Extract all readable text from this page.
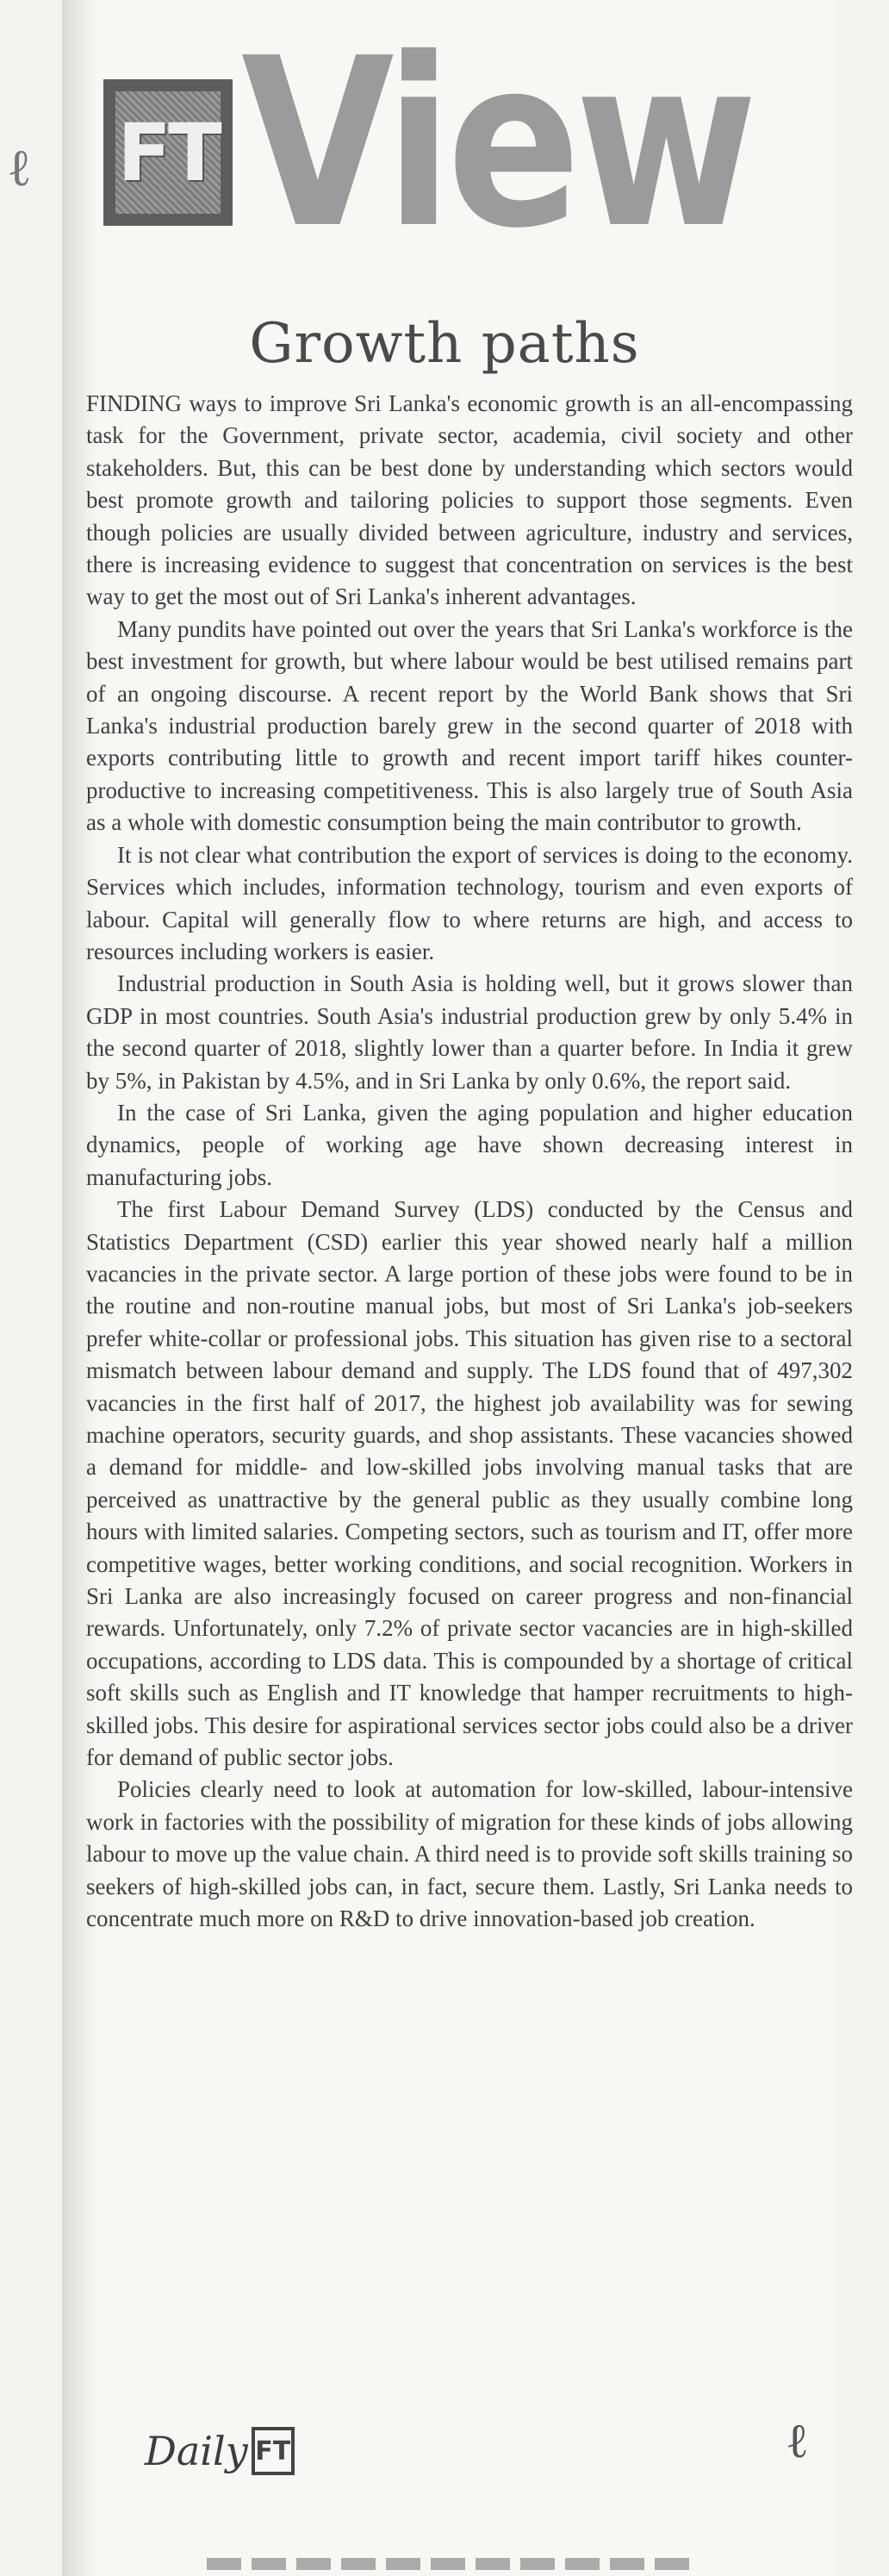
ℓ FT View
Growth paths

FINDING ways to improve Sri Lanka's economic growth is an all-encompassing task for the Government, private sector, academia, civil society and other stakeholders. But, this can be best done by understanding which sectors would best promote growth and tailoring policies to support those segments. Even though policies are usually divided between agriculture, industry and services, there is increasing evidence to suggest that concentration on services is the best way to get the most out of Sri Lanka's inherent advantages.

Many pundits have pointed out over the years that Sri Lanka's workforce is the best investment for growth, but where labour would be best utilised remains part of an ongoing discourse. A recent report by the World Bank shows that Sri Lanka's industrial production barely grew in the second quarter of 2018 with exports contributing little to growth and recent import tariff hikes counter-productive to increasing competitiveness. This is also largely true of South Asia as a whole with domestic consumption being the main contributor to growth.

It is not clear what contribution the export of services is doing to the economy. Services which includes, information technology, tourism and even exports of labour. Capital will generally flow to where returns are high, and access to resources including workers is easier.

Industrial production in South Asia is holding well, but it grows slower than GDP in most countries. South Asia's industrial production grew by only 5.4% in the second quarter of 2018, slightly lower than a quarter before. In India it grew by 5%, in Pakistan by 4.5%, and in Sri Lanka by only 0.6%, the report said.

In the case of Sri Lanka, given the aging population and higher education dynamics, people of working age have shown decreasing interest in manufacturing jobs.

The first Labour Demand Survey (LDS) conducted by the Census and Statistics Department (CSD) earlier this year showed nearly half a million vacancies in the private sector. A large portion of these jobs were found to be in the routine and non-routine manual jobs, but most of Sri Lanka's job-seekers prefer white-collar or professional jobs. This situation has given rise to a sectoral mismatch between labour demand and supply. The LDS found that of 497,302 vacancies in the first half of 2017, the highest job availability was for sewing machine operators, security guards, and shop assistants. These vacancies showed a demand for middle- and low-skilled jobs involving manual tasks that are perceived as unattractive by the general public as they usually combine long hours with limited salaries. Competing sectors, such as tourism and IT, offer more competitive wages, better working conditions, and social recognition. Workers in Sri Lanka are also increasingly focused on career progress and non-financial rewards. Unfortunately, only 7.2% of private sector vacancies are in high-skilled occupations, according to LDS data. This is compounded by a shortage of critical soft skills such as English and IT knowledge that hamper recruitments to high-skilled jobs. This desire for aspirational services sector jobs could also be a driver for demand of public sector jobs.

Policies clearly need to look at automation for low-skilled, labour-intensive work in factories with the possibility of migration for these kinds of jobs allowing labour to move up the value chain. A third need is to provide soft skills training so seekers of high-skilled jobs can, in fact, secure them. Lastly, Sri Lanka needs to concentrate much more on R&D to drive innovation-based job creation.

Daily FT	ℓ
